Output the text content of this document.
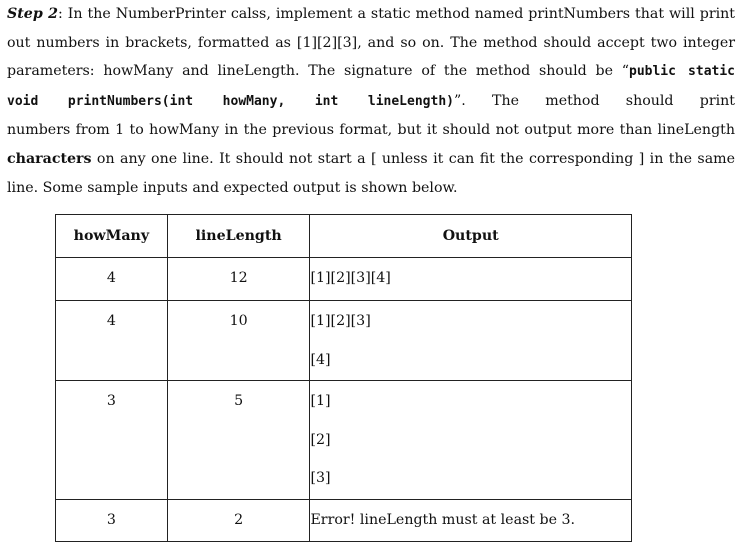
Step 2: In the NumberPrinter calss, implement a static method named printNumbers that will print
out numbers in brackets, formatted as [1][2][3], and so on. The method should accept two integer
parameters: howMany and lineLength. The signature of the method should be “public static
void printNumbers(int howMany, int lineLength)”. The method should print
numbers from 1 to howMany in the previous format, but it should not output more than lineLength
characters on any one line. It should not start a [ unless it can fit the corresponding ] in the same
line. Some sample inputs and expected output is shown below.
howMany	lineLength	Output

4	12	[1][2][3][4]

4	10	[1][2][3]
[4]

3	5	[1]
[2]
[3]

3	2	Error! lineLength must at least be 3.
